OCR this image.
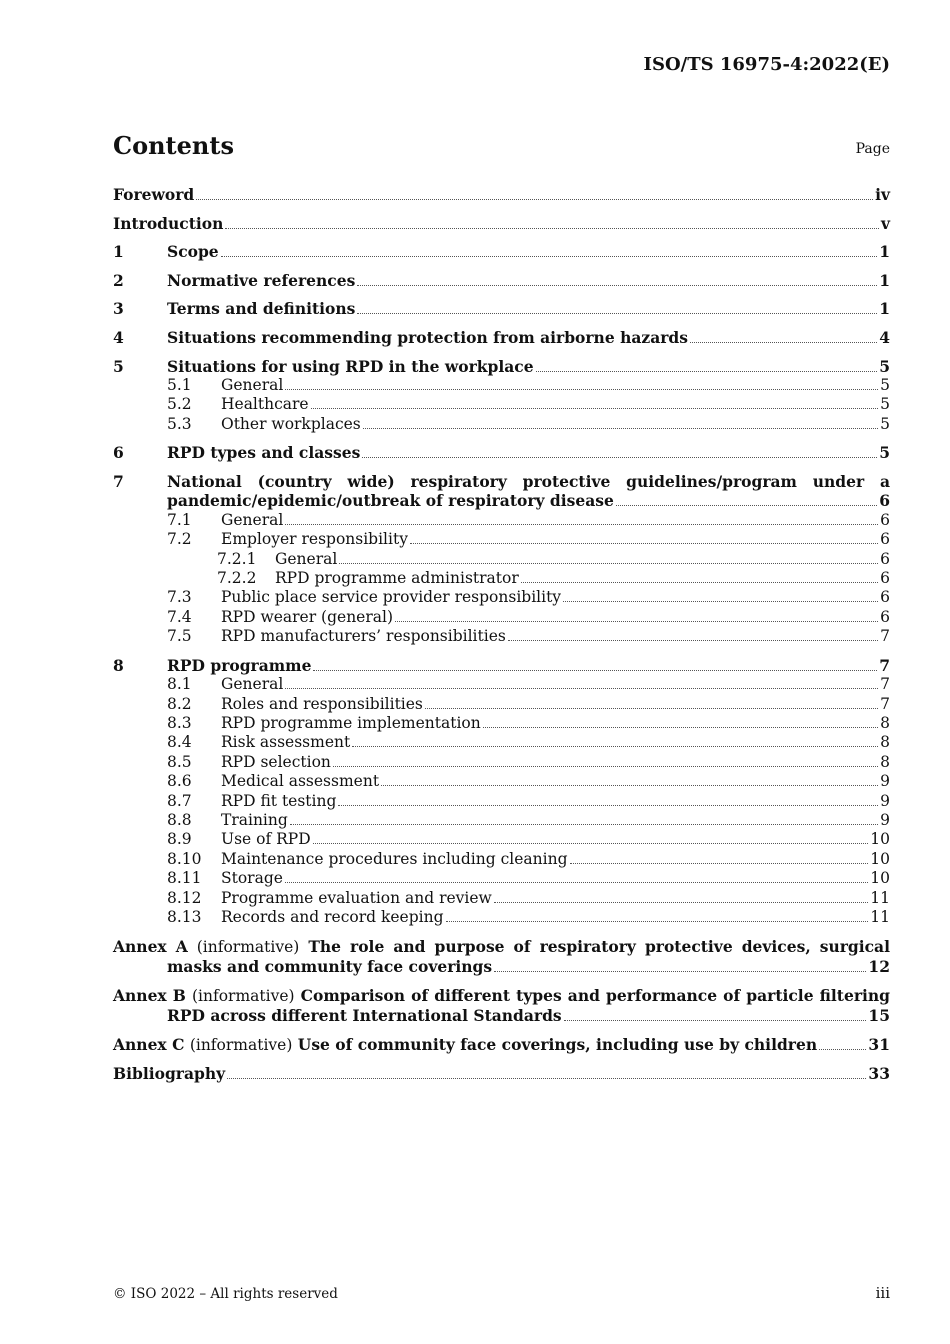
ISO/TS 16975-4:2022(E)
Contents	Page
Foreword	iv
Introduction	v
1	Scope	1
2	Normative references	1
3	Terms and definitions	1
4	Situations recommending protection from airborne hazards	4
5	Situations for using RPD in the workplace	5
5.1	General	5
5.2	Healthcare	5
5.3	Other workplaces	5
6	RPD types and classes	5
7	National (country wide) respiratory protective guidelines/program under a
pandemic/epidemic/outbreak of respiratory disease	6
7.1	General	6
7.2	Employer responsibility	6
7.2.1	General	6
7.2.2	RPD programme administrator	6
7.3	Public place service provider responsibility	6
7.4	RPD wearer (general)	6
7.5	RPD manufacturers’ responsibilities	7
8	RPD programme	7
8.1	General	7
8.2	Roles and responsibilities	7
8.3	RPD programme implementation	8
8.4	Risk assessment	8
8.5	RPD selection	8
8.6	Medical assessment	9
8.7	RPD fit testing	9
8.8	Training	9
8.9	Use of RPD	10
8.10	Maintenance procedures including cleaning	10
8.11	Storage	10
8.12	Programme evaluation and review	11
8.13	Records and record keeping	11
Annex A (informative) The role and purpose of respiratory protective devices, surgical
masks and community face coverings	12
Annex B (informative) Comparison of different types and performance of particle filtering
RPD across different International Standards	15
Annex C (informative) Use of community face coverings, including use by children	31
Bibliography	33
© ISO 2022 – All rights reserved	iii
